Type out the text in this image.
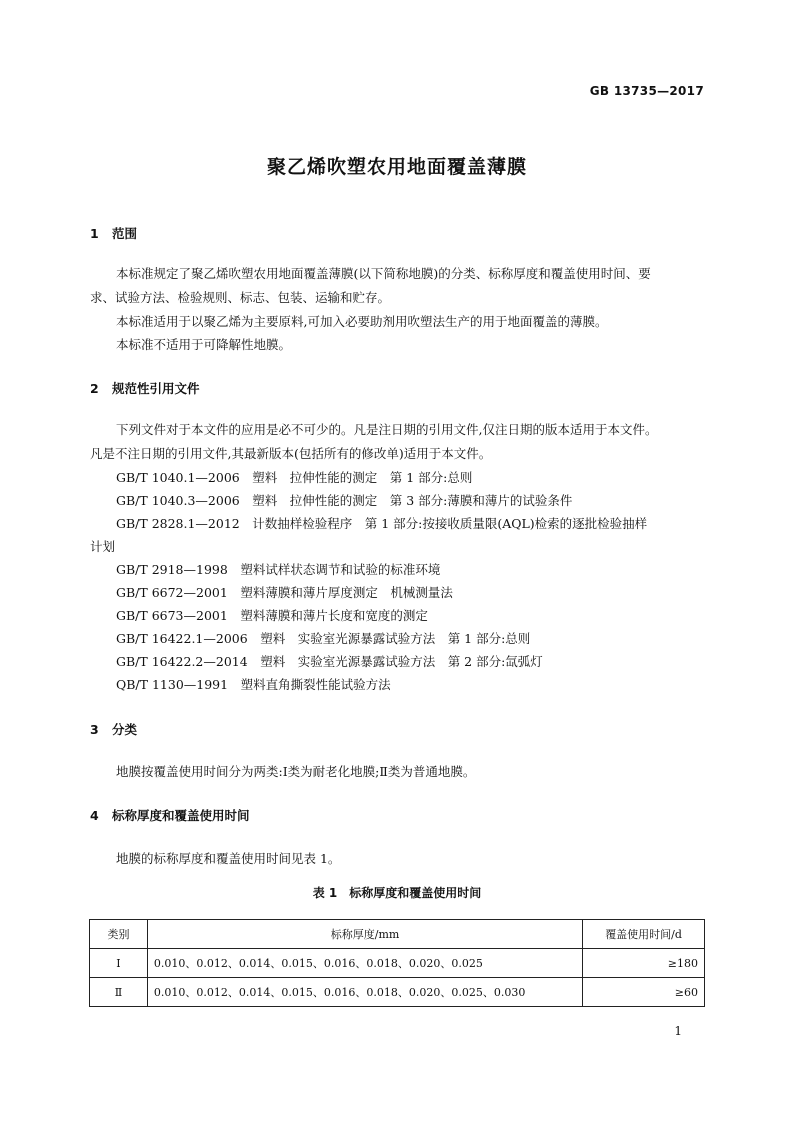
GB 13735—2017
聚乙烯吹塑农用地面覆盖薄膜
1 范围
本标准规定了聚乙烯吹塑农用地面覆盖薄膜(以下简称地膜)的分类、标称厚度和覆盖使用时间、要
求、试验方法、检验规则、标志、包装、运输和贮存。
本标准适用于以聚乙烯为主要原料,可加入必要助剂用吹塑法生产的用于地面覆盖的薄膜。
本标准不适用于可降解性地膜。
2 规范性引用文件
下列文件对于本文件的应用是必不可少的。凡是注日期的引用文件,仅注日期的版本适用于本文件。
凡是不注日期的引用文件,其最新版本(包括所有的修改单)适用于本文件。
GB/T 1040.1—2006　塑料　拉伸性能的测定　第 1 部分:总则
GB/T 1040.3—2006　塑料　拉伸性能的测定　第 3 部分:薄膜和薄片的试验条件
GB/T 2828.1—2012　计数抽样检验程序　第 1 部分:按接收质量限(AQL)检索的逐批检验抽样
计划
GB/T 2918—1998　塑料试样状态调节和试验的标准环境
GB/T 6672—2001　塑料薄膜和薄片厚度测定　机械测量法
GB/T 6673—2001　塑料薄膜和薄片长度和宽度的测定
GB/T 16422.1—2006　塑料　实验室光源暴露试验方法　第 1 部分:总则
GB/T 16422.2—2014　塑料　实验室光源暴露试验方法　第 2 部分:氙弧灯
QB/T 1130—1991　塑料直角撕裂性能试验方法
3 分类
地膜按覆盖使用时间分为两类:Ⅰ类为耐老化地膜;Ⅱ类为普通地膜。
4 标称厚度和覆盖使用时间
地膜的标称厚度和覆盖使用时间见表 1。
表 1　标称厚度和覆盖使用时间
类别	标称厚度/mm	覆盖使用时间/d
Ⅰ	0.010、0.012、0.014、0.015、0.016、0.018、0.020、0.025	≥180
Ⅱ	0.010、0.012、0.014、0.015、0.016、0.018、0.020、0.025、0.030	≥60
1
